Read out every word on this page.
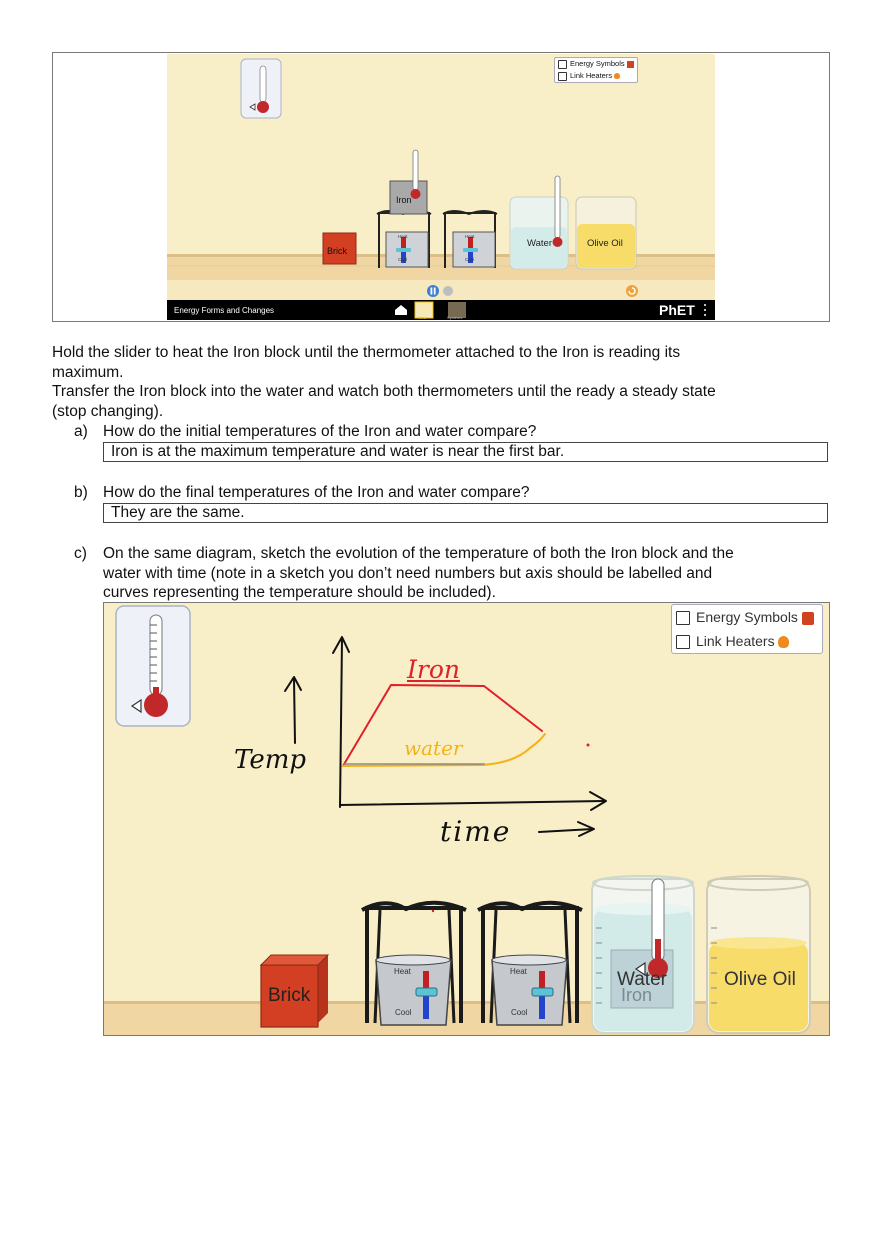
Energy Symbols
Link Heaters
Brick
Iron
Water	Olive Oil
Heat
Cool
Heat
Cool
Energy Forms and Changes
Intro	Systems	PhET
Hold the slider to heat the Iron block until the thermometer attached to the Iron is reading its
maximum.
Transfer the Iron block into the water and watch both thermometers until the ready a steady state
(stop changing).
a) How do the initial temperatures of the Iron and water compare?
Iron is at the maximum temperature and water is near the first bar.
b) How do the final temperatures of the Iron and water compare?
They are the same.
c) On the same diagram, sketch the evolution of the temperature of both the Iron block and the
water with time (note in a sketch you don’t need numbers but axis should be labelled and
curves representing the temperature should be included).
Energy Symbols
Link Heaters
Iron
water
Temp
time
Brick	Iron
Water	Olive Oil
Heat
Cool
Heat
Cool
